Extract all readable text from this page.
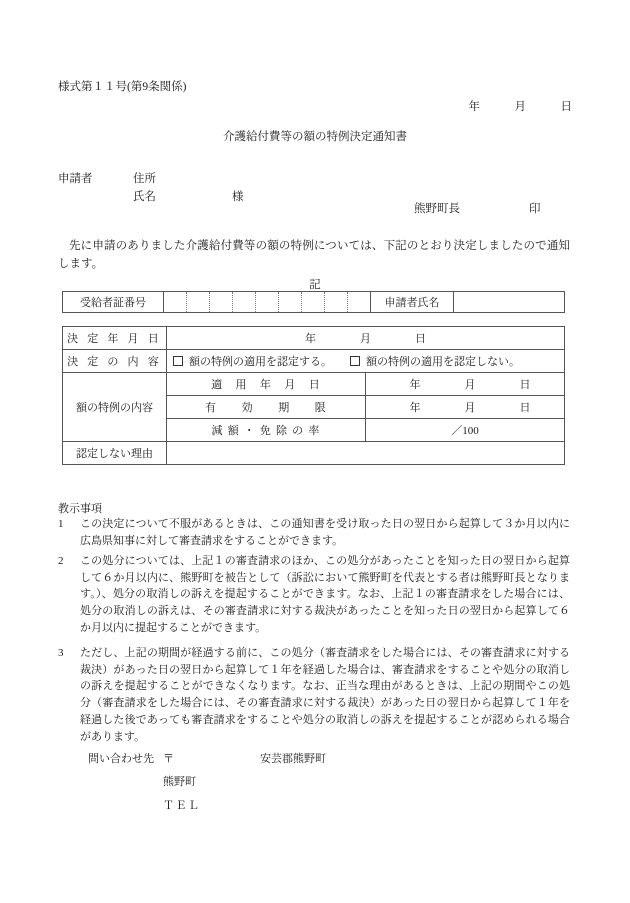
様式第１１号(第9条関係)
年　　　月　　　日
介護給付費等の額の特例決定通知書
申請者	住所
氏名	様
熊野町長　　　　　　印
先に申請のありました介護給付費等の額の特例については、下記のとおり決定しましたので通知します。
記
受給者証番号										申請者氏名	
決 定 年 月 日	年　　　　月　　　　日	

決 定 の 内 容	額の特例の適用を認定する。 額の特例の適用を認定しない。	
額の特例の内容	適　用　年　月　日	年　　　　月　　　　日

	有　　効　　期　　限	年　　　　月　　　　日

	減 額 ・ 免 除 の 率	／100

認定しない理由		
教示事項
1	この決定について不服があるときは、この通知書を受け取った日の翌日から起算して３か月以内に広島県知事に対して審査請求をすることができます。
2	この処分については、上記１の審査請求のほか、この処分があったことを知った日の翌日から起算して６か月以内に、熊野町を被告として（訴訟において熊野町を代表とする者は熊野町長となります。）、処分の取消しの訴えを提起することができます。なお、上記１の審査請求をした場合には、処分の取消しの訴えは、その審査請求に対する裁決があったことを知った日の翌日から起算して６か月以内に提起することができます。
3	ただし、上記の期間が経過する前に、この処分（審査請求をした場合には、その審査請求に対する裁決）があった日の翌日から起算して１年を経過した場合は、審査請求をすることや処分の取消しの訴えを提起することができなくなります。なお、正当な理由があるときは、上記の期間やこの処分（審査請求をした場合には、その審査請求に対する裁決）があった日の翌日から起算して１年を経過した後であっても審査請求をすることや処分の取消しの訴えを提起することが認められる場合があります。
問い合わせ先 〒	安芸郡熊野町
熊野町
ＴＥＬ
